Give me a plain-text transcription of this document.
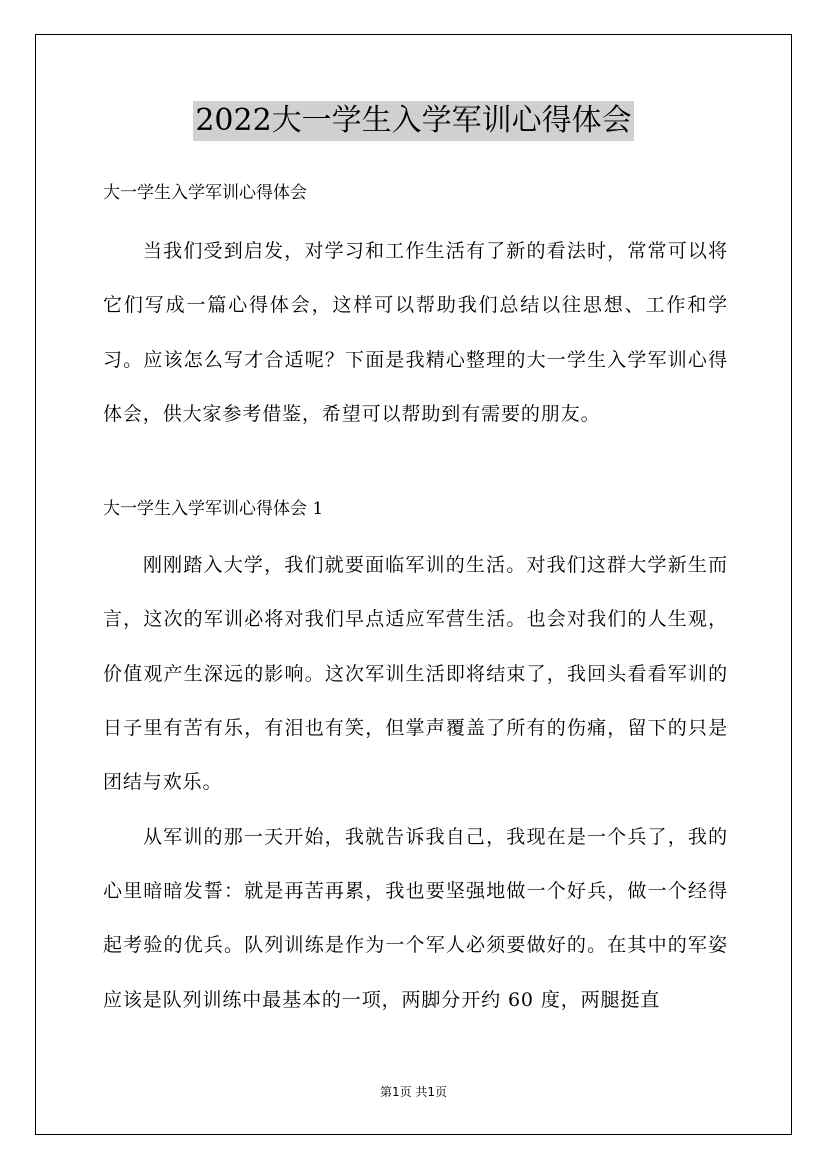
2022大一学生入学军训心得体会

大一学生入学军训心得体会

当我们受到启发，对学习和工作生活有了新的看法时，常常可以将它们写成一篇心得体会，这样可以帮助我们总结以往思想、工作和学习。应该怎么写才合适呢？下面是我精心整理的大一学生入学军训心得体会，供大家参考借鉴，希望可以帮助到有需要的朋友。

大一学生入学军训心得体会 1

刚刚踏入大学，我们就要面临军训的生活。对我们这群大学新生而言，这次的军训必将对我们早点适应军营生活。也会对我们的人生观，价值观产生深远的影响。这次军训生活即将结束了，我回头看看军训的日子里有苦有乐，有泪也有笑，但掌声覆盖了所有的伤痛，留下的只是团结与欢乐。

从军训的那一天开始，我就告诉我自己，我现在是一个兵了，我的心里暗暗发誓：就是再苦再累，我也要坚强地做一个好兵，做一个经得起考验的优兵。队列训练是作为一个军人必须要做好的。在其中的军姿应该是队列训练中最基本的一项，两脚分开约 60 度，两腿挺直

第1页 共1页
